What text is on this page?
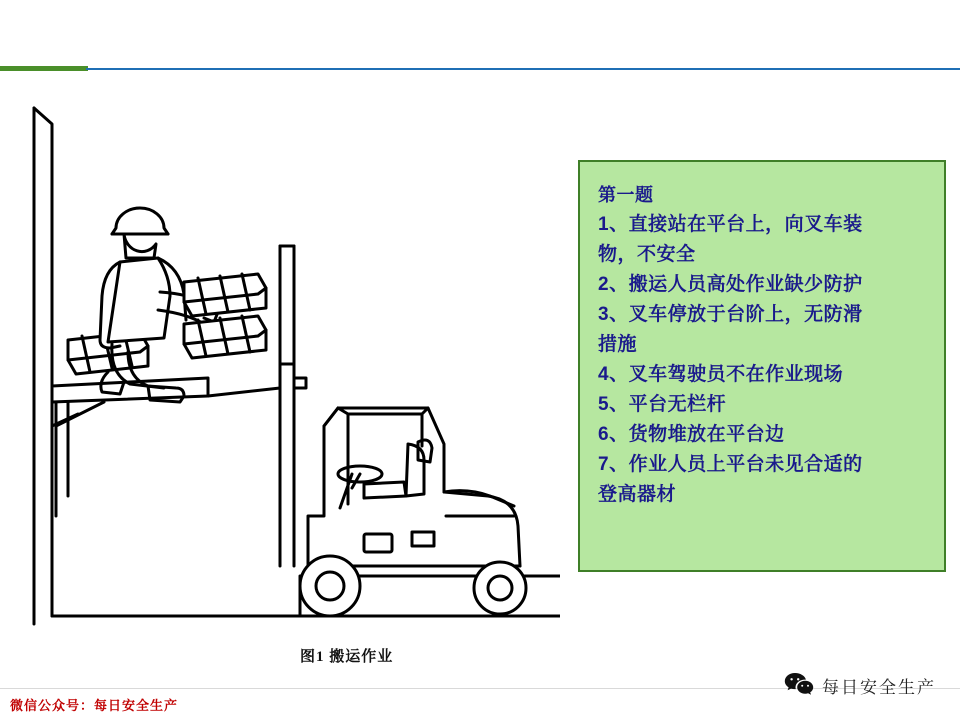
图1 搬运作业
第一题
1、直接站在平台上，向叉车装
物，不安全
2、搬运人员高处作业缺少防护
3、叉车停放于台阶上，无防滑
措施
4、叉车驾驶员不在作业现场
5、平台无栏杆
6、货物堆放在平台边
7、作业人员上平台未见合适的
登高器材
微信公众号：每日安全生产
每日安全生产
